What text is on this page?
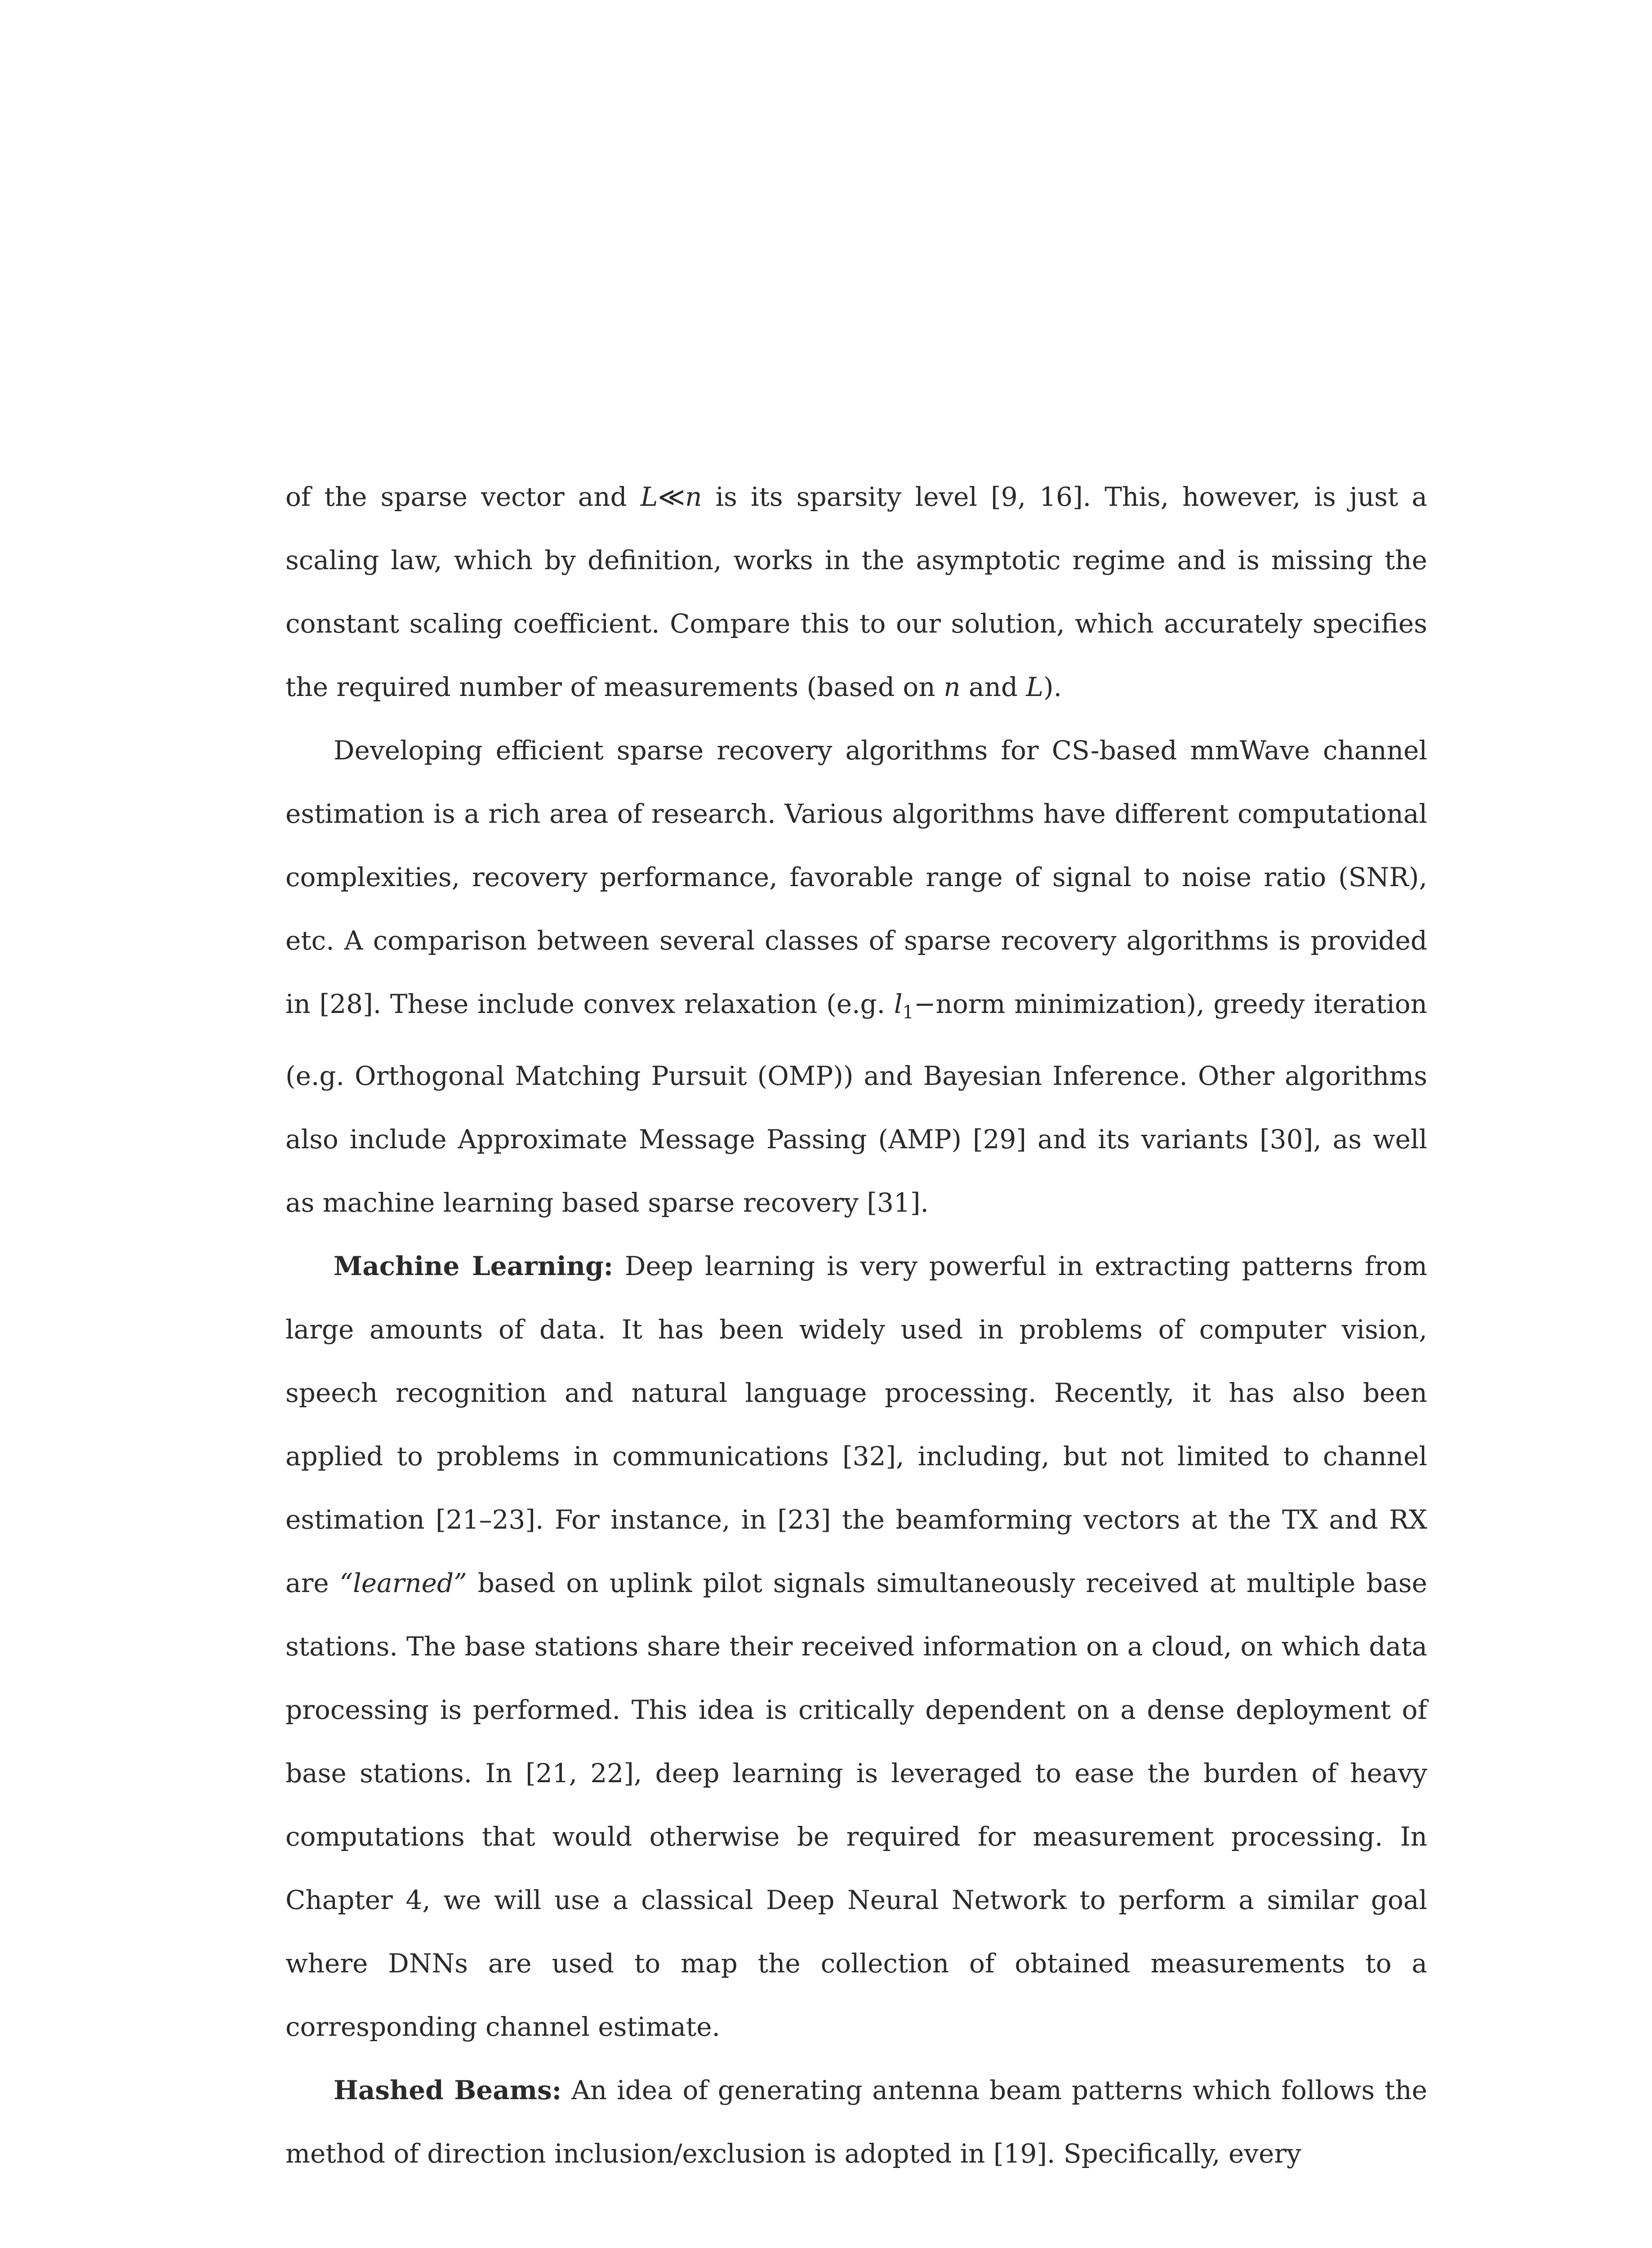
of the sparse vector and L≪n is its sparsity level [9, 16]. This, however, is just a scaling law, which by definition, works in the asymptotic regime and is missing the constant scaling coefficient. Compare this to our solution, which accurately specifies the required number of measurements (based on n and L).

Developing efficient sparse recovery algorithms for CS-based mmWave channel estimation is a rich area of research. Various algorithms have different computational complexities, recovery performance, favorable range of signal to noise ratio (SNR), etc. A comparison between several classes of sparse recovery algorithms is provided in [28]. These include convex relaxation (e.g. $l_1-norm$ minimization), greedy iteration (e.g. Orthogonal Matching Pursuit (OMP)) and Bayesian Inference. Other algorithms also include Approximate Message Passing (AMP) [29] and its variants [30], as well as machine learning based sparse recovery [31].

Machine Learning: Deep learning is very powerful in extracting patterns from large amounts of data. It has been widely used in problems of computer vision, speech recognition and natural language processing. Recently, it has also been applied to problems in communications [32], including, but not limited to channel estimation [21–23]. For instance, in [23] the beamforming vectors at the TX and RX are “learned” based on uplink pilot signals simultaneously received at multiple base stations. The base stations share their received information on a cloud, on which data processing is performed. This idea is critically dependent on a dense deployment of base stations. In [21, 22], deep learning is leveraged to ease the burden of heavy computations that would otherwise be required for measurement processing. In Chapter 4, we will use a classical Deep Neural Network to perform a similar goal where DNNs are used to map the collection of obtained measurements to a corresponding channel estimate.

Hashed Beams: An idea of generating antenna beam patterns which follows the method of direction inclusion/exclusion is adopted in [19]. Specifically, every
